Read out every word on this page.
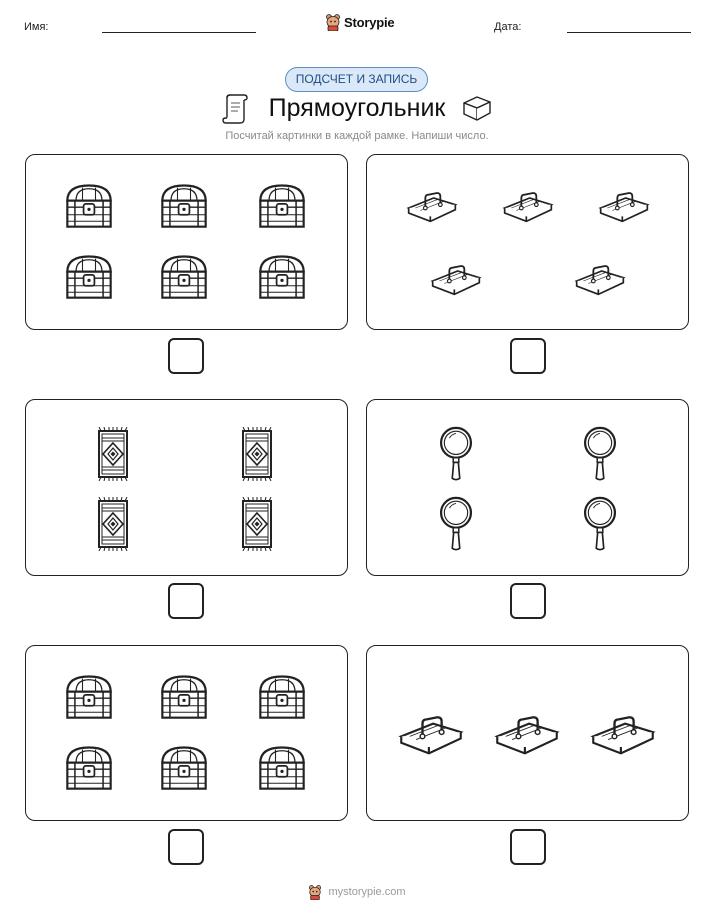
Имя:	Storypie	Дата:
ПОДСЧЕТ И ЗАПИСЬ
Прямоугольник
Посчитай картинки в каждой рамке. Напиши число.
mystorypie.com
